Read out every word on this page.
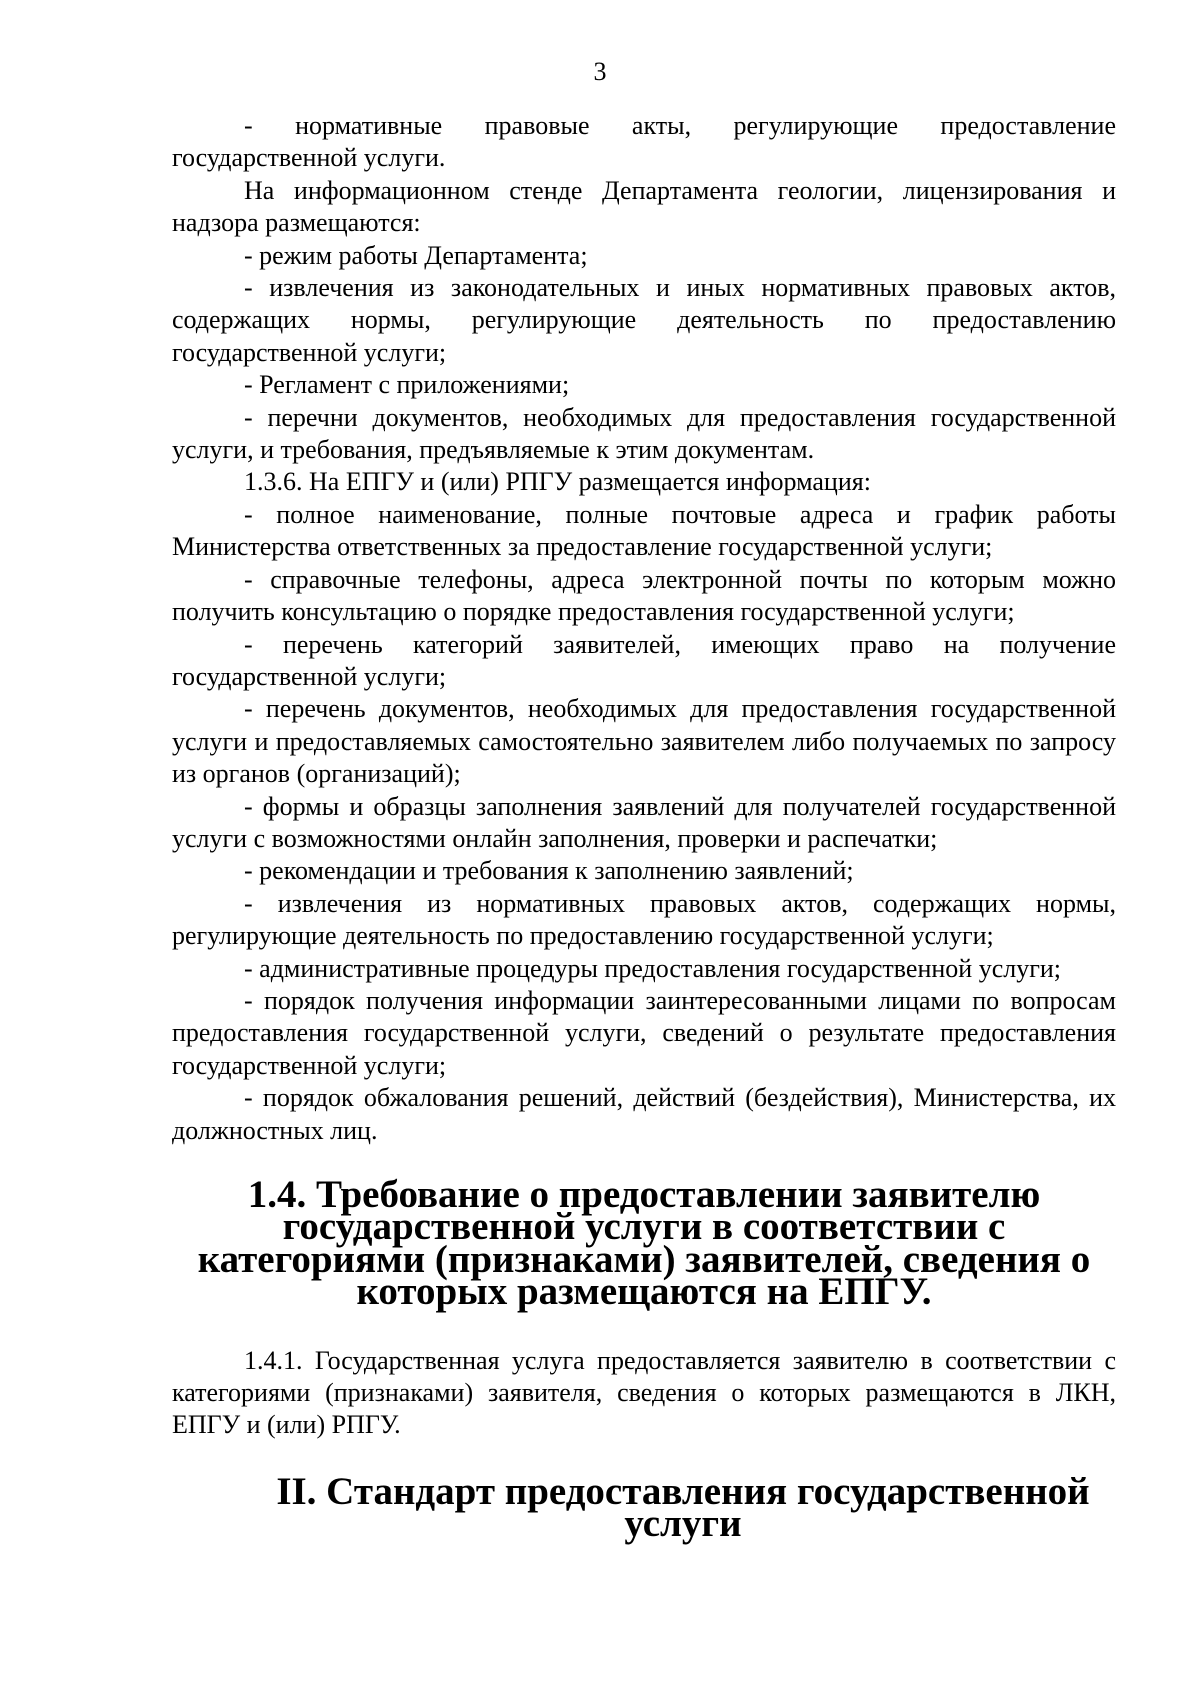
3

- нормативные правовые акты, регулирующие предоставление государственной услуги.

На информационном стенде Департамента геологии, лицензирования и надзора размещаются:

- режим работы Департамента;

- извлечения из законодательных и иных нормативных правовых актов, содержащих нормы, регулирующие деятельность по предоставлению государственной услуги;

- Регламент с приложениями;

- перечни документов, необходимых для предоставления государственной услуги, и требования, предъявляемые к этим документам.

1.3.6. На ЕПГУ и (или) РПГУ размещается информация:

- полное наименование, полные почтовые адреса и график работы Министерства ответственных за предоставление государственной услуги;

- справочные телефоны, адреса электронной почты по которым можно получить консультацию о порядке предоставления государственной услуги;

- перечень категорий заявителей, имеющих право на получение государственной услуги;

- перечень документов, необходимых для предоставления государственной услуги и предоставляемых самостоятельно заявителем либо получаемых по запросу из органов (организаций);

- формы и образцы заполнения заявлений для получателей государственной услуги с возможностями онлайн заполнения, проверки и распечатки;

- рекомендации и требования к заполнению заявлений;

- извлечения из нормативных правовых актов, содержащих нормы, регулирующие деятельность по предоставлению государственной услуги;

- административные процедуры предоставления государственной услуги;

- порядок получения информации заинтересованными лицами по вопросам предоставления государственной услуги, сведений о результате предоставления государственной услуги;

- порядок обжалования решений, действий (бездействия), Министерства, их должностных лиц.

1.4. Требование о предоставлении заявителю государственной услуги в соответствии с категориями (признаками) заявителей, сведения о которых размещаются на ЕПГУ.

1.4.1. Государственная услуга предоставляется заявителю в соответствии с категориями (признаками) заявителя, сведения о которых размещаются в ЛКН, ЕПГУ и (или) РПГУ.

II. Стандарт предоставления государственной услуги
